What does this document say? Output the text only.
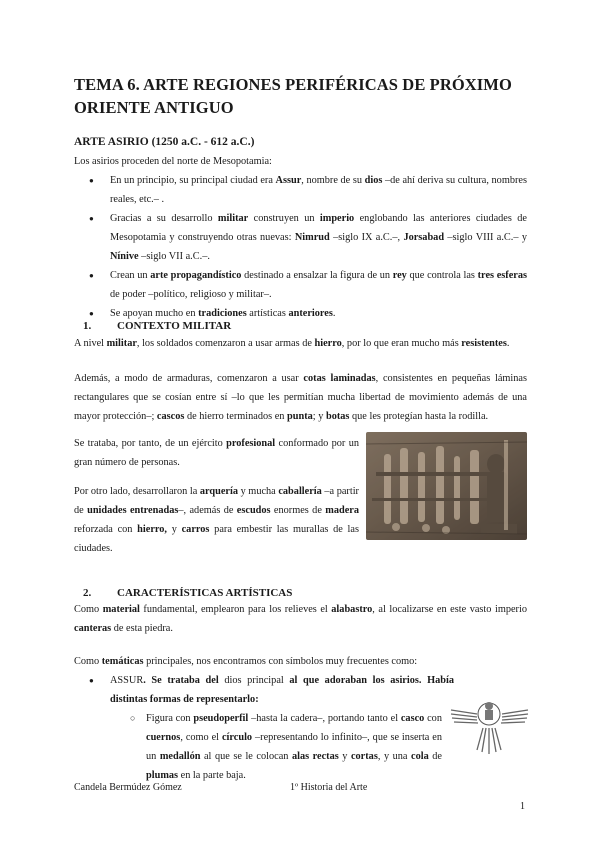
TEMA 6. ARTE REGIONES PERIFÉRICAS DE PRÓXIMO ORIENTE ANTIGUO
ARTE ASIRIO (1250 a.C. - 612 a.C.)
Los asirios proceden del norte de Mesopotamia:
● En un principio, su principal ciudad era Assur, nombre de su dios –de ahí deriva su cultura, nombres reales, etc.– .
● Gracias a su desarrollo militar construyen un imperio englobando las anteriores ciudades de Mesopotamia y construyendo otras nuevas: Nimrud –siglo IX a.C.–, Jorsabad –siglo VIII a.C.– y Nínive –siglo VII a.C.–.
● Crean un arte propagandístico destinado a ensalzar la figura de un rey que controla las tres esferas de poder –político, religioso y militar–.
● Se apoyan mucho en tradiciones artísticas anteriores.
1. CONTEXTO MILITAR
A nivel militar, los soldados comenzaron a usar armas de hierro, por lo que eran mucho más resistentes.
Además, a modo de armaduras, comenzaron a usar cotas laminadas, consistentes en pequeñas láminas rectangulares que se cosían entre sí –lo que les permitían mucha libertad de movimiento además de una mayor protección–; cascos de hierro terminados en punta; y botas que les protegían hasta la rodilla.
Se trataba, por tanto, de un ejército profesional conformado por un gran número de personas.
Por otro lado, desarrollaron la arquería y mucha caballería –a partir de unidades entrenadas–, además de escudos enormes de madera reforzada con hierro, y carros para embestir las murallas de las ciudades.
2. CARACTERÍSTICAS ARTÍSTICAS
Como material fundamental, emplearon para los relieves el alabastro, al localizarse en este vasto imperio canteras de esta piedra.
Como temáticas principales, nos encontramos con símbolos muy frecuentes como:
● ASSUR. Se trataba del dios principal al que adoraban los asirios. Había distintas formas de representarlo:
○ Figura con pseudoperfil –hasta la cadera–, portando tanto el casco con cuernos, como el círculo –representando lo infinito–, que se inserta en un medallón al que se le colocan alas rectas y cortas, y una cola de plumas en la parte baja.
Candela Bermúdez Gómez	1º Historia del Arte
1
